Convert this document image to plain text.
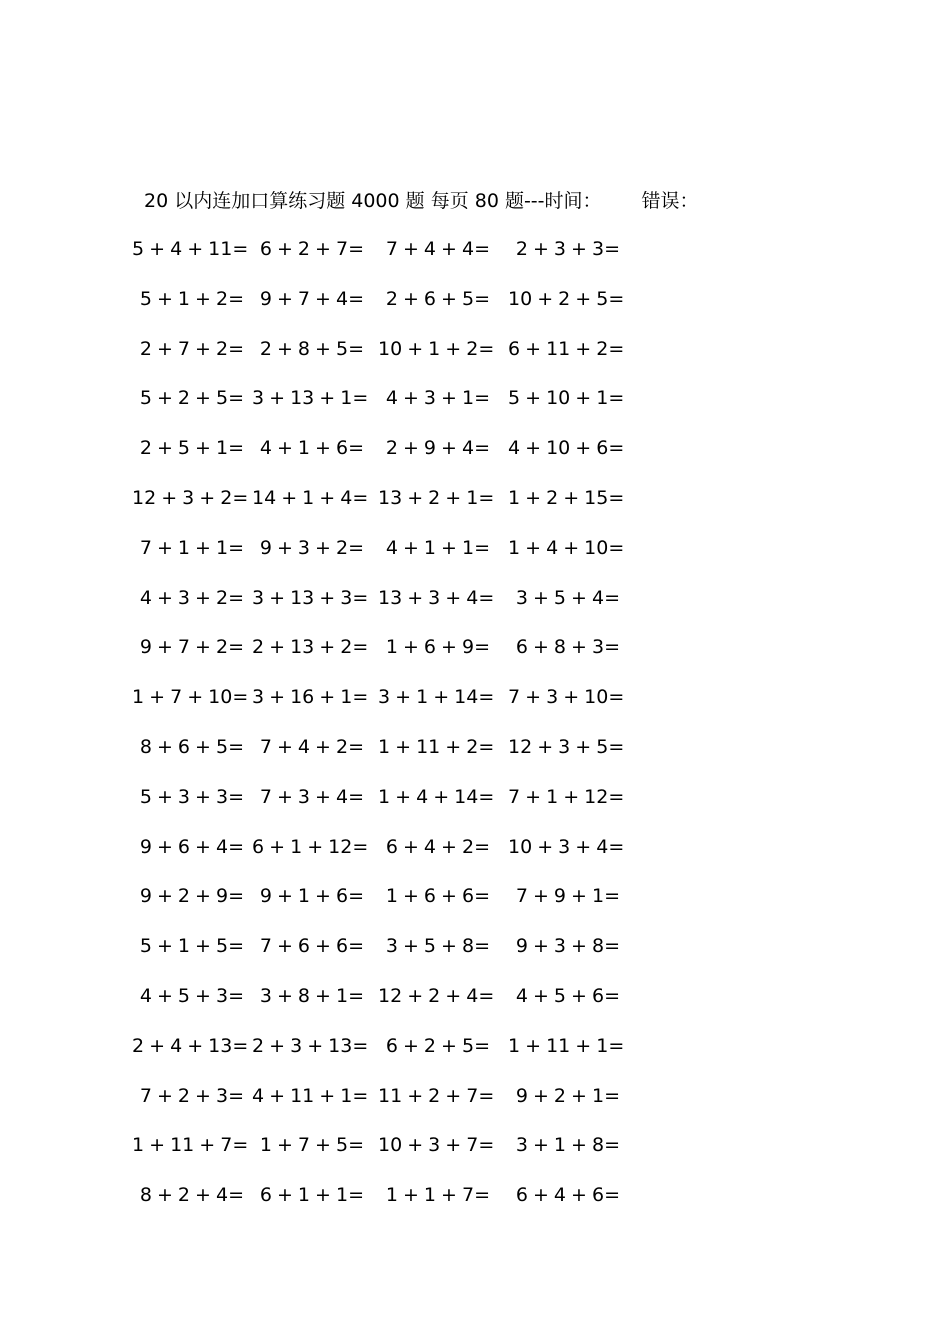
20 以内连加口算练习题 4000 题 每页 80 题---时间： 错误：
5 + 4 + 11= 6 + 2 + 7=	7 + 4 + 4=	2 + 3 + 3=
5 + 1 + 2= 9 + 7 + 4=	2 + 6 + 5= 10 + 2 + 5=
2 + 7 + 2= 2 + 8 + 5= 10 + 1 + 2= 6 + 11 + 2=
5 + 2 + 5= 3 + 13 + 1= 4 + 3 + 1= 5 + 10 + 1=
2 + 5 + 1= 4 + 1 + 6=	2 + 9 + 4= 4 + 10 + 6=
12 + 3 + 2= 14 + 1 + 4= 13 + 2 + 1= 1 + 2 + 15=
7 + 1 + 1= 9 + 3 + 2=	4 + 1 + 1= 1 + 4 + 10=
4 + 3 + 2= 3 + 13 + 3= 13 + 3 + 4=	3 + 5 + 4=
9 + 7 + 2= 2 + 13 + 2= 1 + 6 + 9=	6 + 8 + 3=
1 + 7 + 10= 3 + 16 + 1= 3 + 1 + 14= 7 + 3 + 10=
8 + 6 + 5= 7 + 4 + 2= 1 + 11 + 2= 12 + 3 + 5=
5 + 3 + 3= 7 + 3 + 4= 1 + 4 + 14= 7 + 1 + 12=
9 + 6 + 4= 6 + 1 + 12= 6 + 4 + 2= 10 + 3 + 4=
9 + 2 + 9= 9 + 1 + 6=	1 + 6 + 6=	7 + 9 + 1=
5 + 1 + 5= 7 + 6 + 6=	3 + 5 + 8=	9 + 3 + 8=
4 + 5 + 3= 3 + 8 + 1= 12 + 2 + 4=	4 + 5 + 6=
2 + 4 + 13= 2 + 3 + 13= 6 + 2 + 5= 1 + 11 + 1=
7 + 2 + 3= 4 + 11 + 1= 11 + 2 + 7=	9 + 2 + 1=
1 + 11 + 7= 1 + 7 + 5= 10 + 3 + 7=	3 + 1 + 8=
8 + 2 + 4= 6 + 1 + 1=	1 + 1 + 7=	6 + 4 + 6=
